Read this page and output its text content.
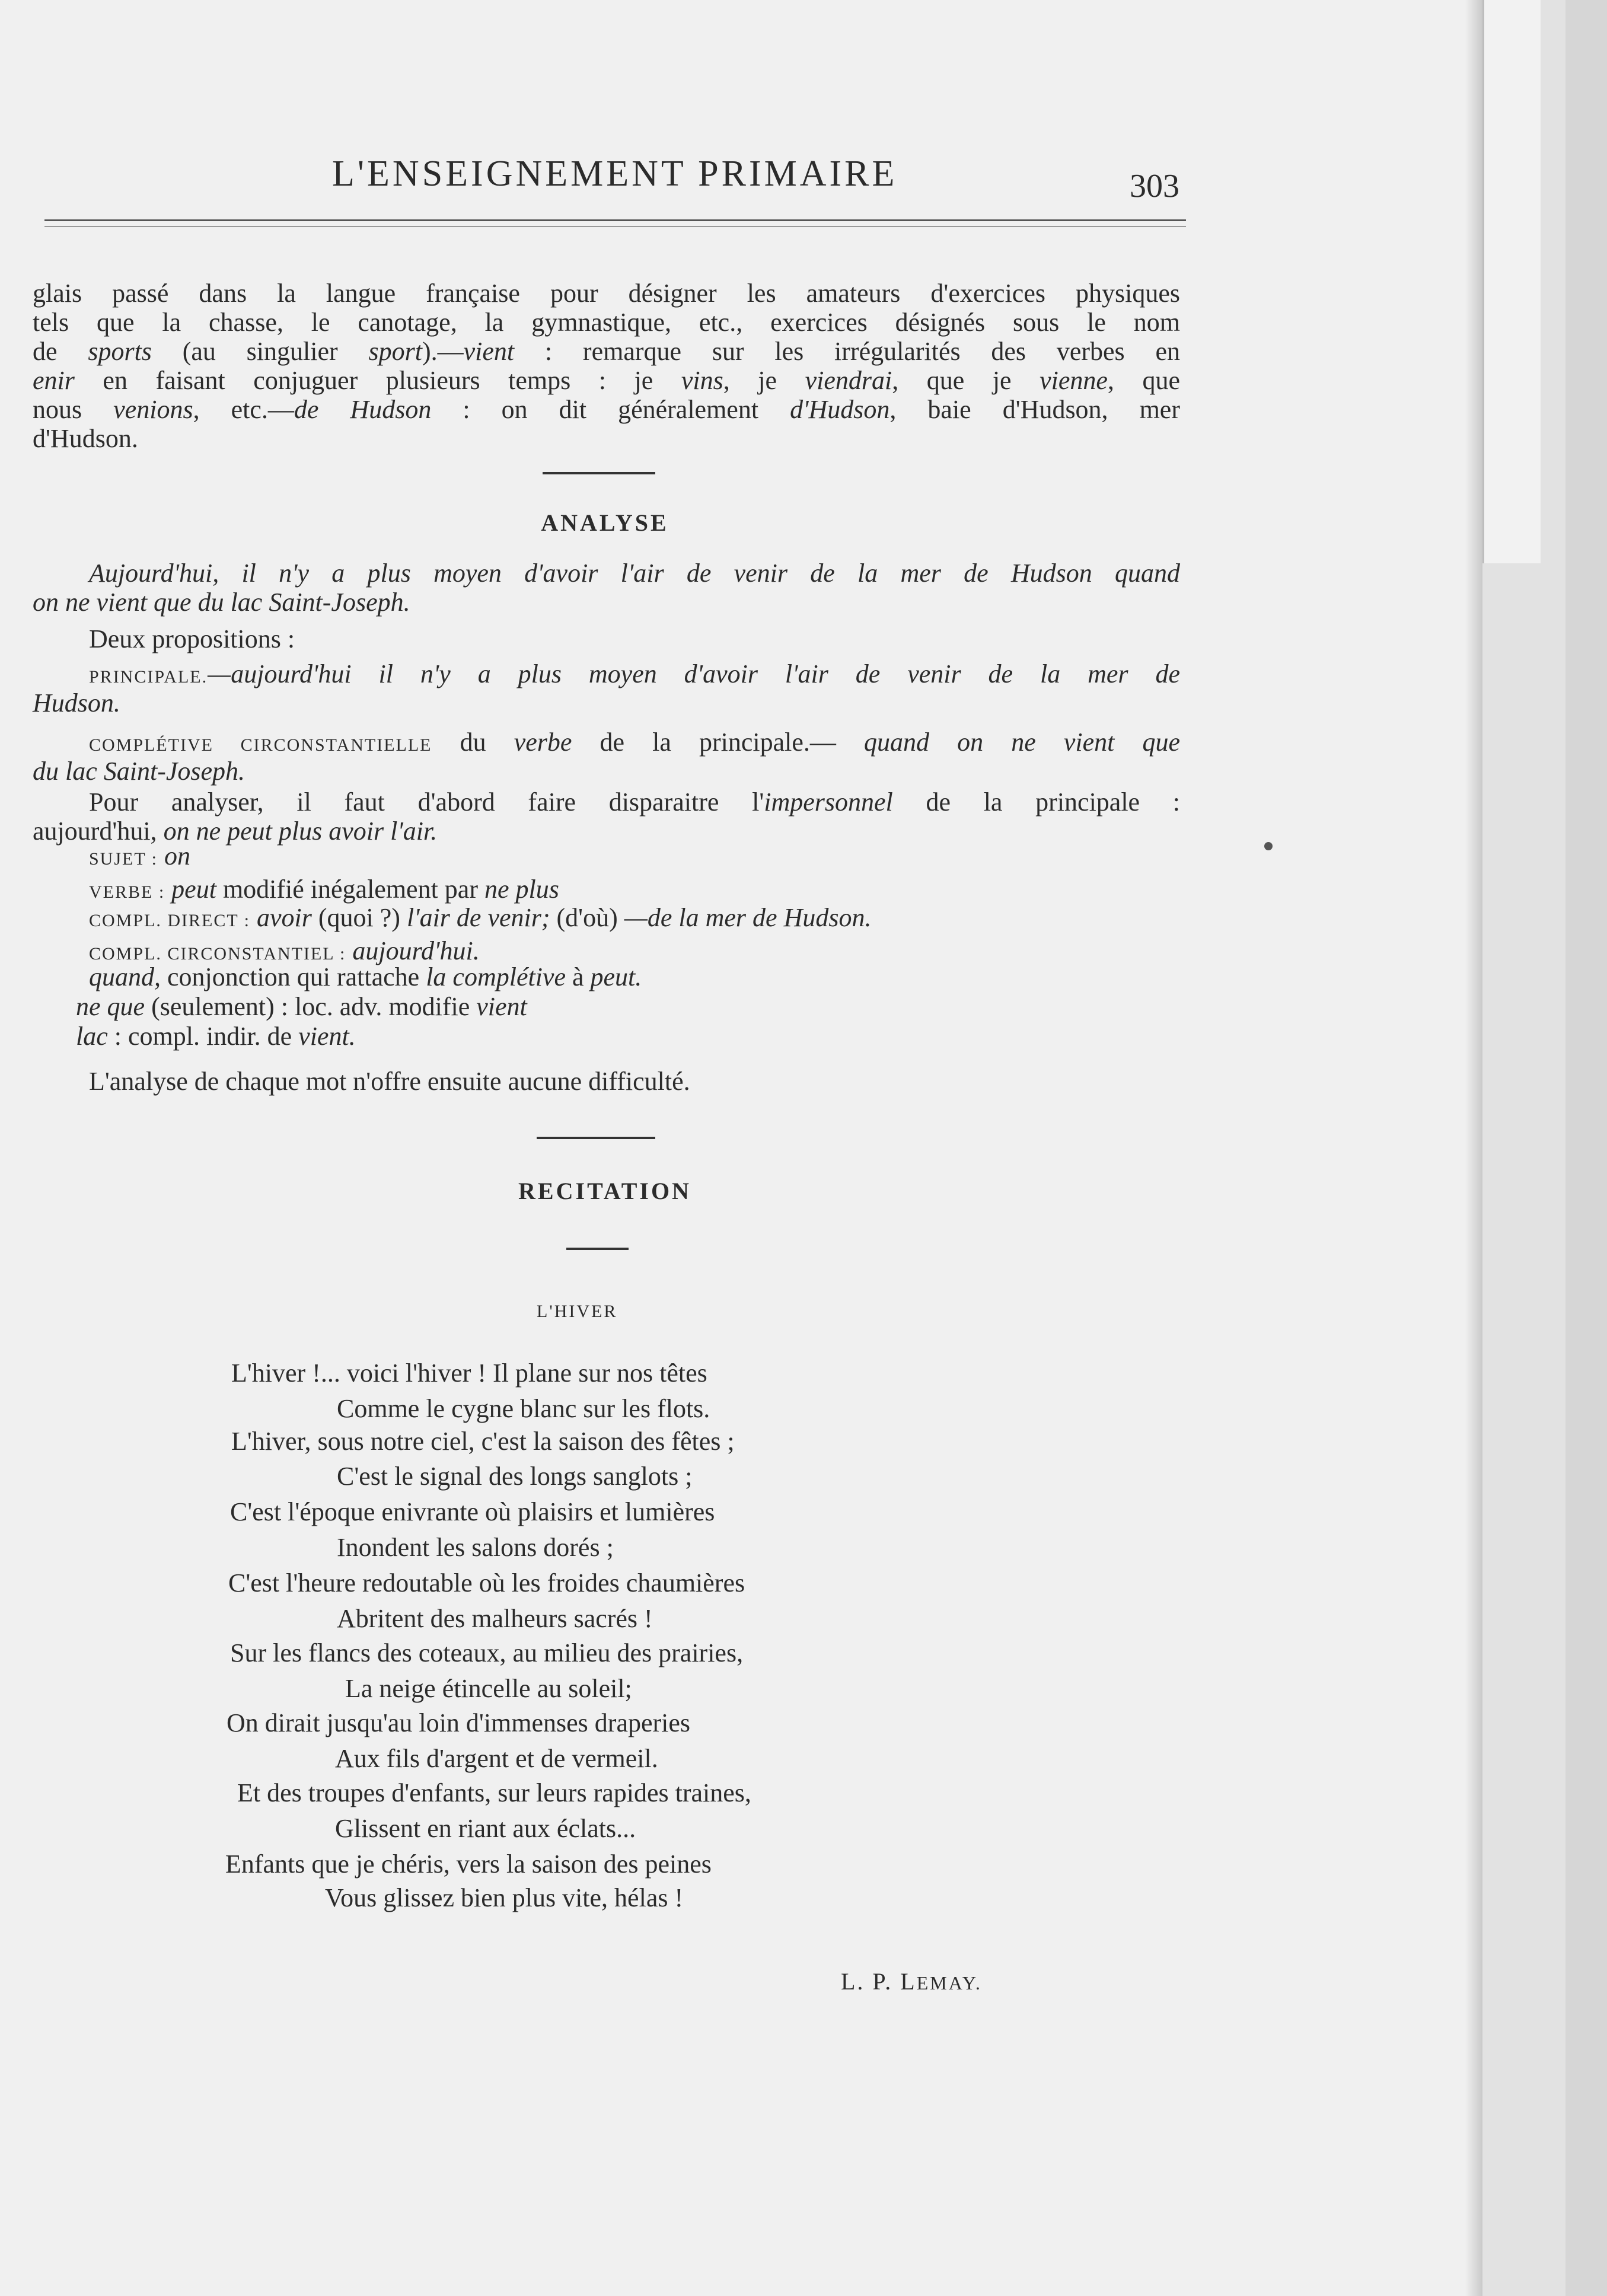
L'ENSEIGNEMENT PRIMAIRE	303
glais passé dans la langue française pour désigner les amateurs d'exercices physiques
tels que la chasse, le canotage, la gymnastique, etc., exercices désignés sous le nom
de sports (au singulier sport).—vient : remarque sur les irrégularités des verbes en
enir en faisant conjuguer plusieurs temps : je vins, je viendrai, que je vienne, que
nous venions, etc.—de Hudson : on dit généralement d'Hudson, baie d'Hudson, mer
d'Hudson.
ANALYSE
Aujourd'hui, il n'y a plus moyen d'avoir l'air de venir de la mer de Hudson quand
on ne vient que du lac Saint-Joseph.
Deux propositions :
PRINCIPALE.—aujourd'hui il n'y a plus moyen d'avoir l'air de venir de la mer de
Hudson.
COMPLÉTIVE CIRCONSTANTIELLE du verbe de la principale.— quand on ne vient que
du lac Saint-Joseph.
Pour analyser, il faut d'abord faire disparaitre l'impersonnel de la principale :
aujourd'hui, on ne peut plus avoir l'air.
SUJET : on
VERBE : peut modifié inégalement par ne plus
COMPL. DIRECT : avoir (quoi ?) l'air de venir; (d'où) —de la mer de Hudson.
COMPL. CIRCONSTANTIEL : aujourd'hui.
quand, conjonction qui rattache la complétive à peut.
ne que (seulement) : loc. adv. modifie vient
lac : compl. indir. de vient.
L'analyse de chaque mot n'offre ensuite aucune difficulté.
RECITATION
L'HIVER
L'hiver !... voici l'hiver ! Il plane sur nos têtes
Comme le cygne blanc sur les flots.
L'hiver, sous notre ciel, c'est la saison des fêtes ;
C'est le signal des longs sanglots ;
C'est l'époque enivrante où plaisirs et lumières
Inondent les salons dorés ;
C'est l'heure redoutable où les froides chaumières
Abritent des malheurs sacrés !
Sur les flancs des coteaux, au milieu des prairies,
La neige étincelle au soleil;
On dirait jusqu'au loin d'immenses draperies
Aux fils d'argent et de vermeil.
Et des troupes d'enfants, sur leurs rapides traines,
Glissent en riant aux éclats...
Enfants que je chéris, vers la saison des peines
Vous glissez bien plus vite, hélas !
L. P. LEMAY.
